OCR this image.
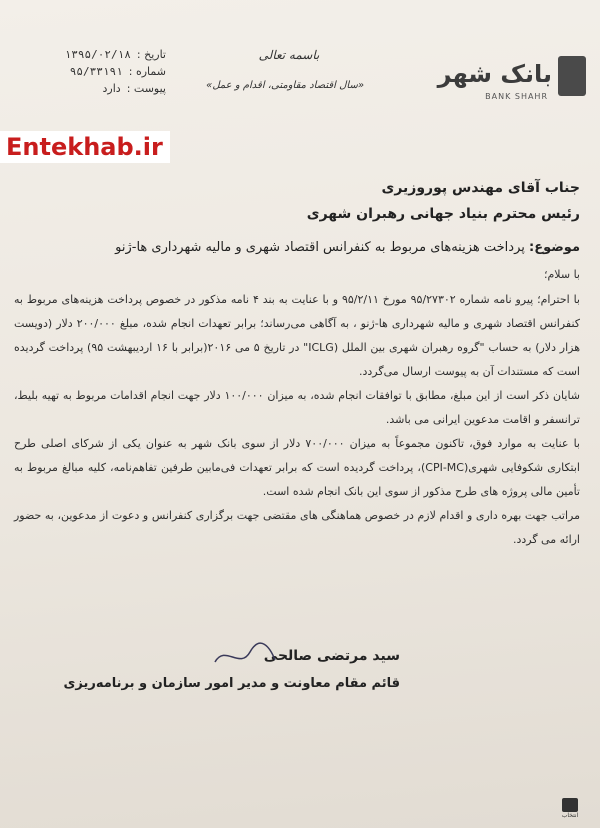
بانک شهر
BANK SHAHR
باسمه تعالی
«سال اقتصاد مقاومتی، اقدام و عمل»
تاریخ :
۱۳۹۵/۰۲/۱۸
شماره :
۹۵/۳۳۱۹۱
پیوست :
دارد
Entekhab.ir
جناب آقای مهندس پوروزیری
رئیس محترم بنیاد جهانی رهبران شهری
موضوع: پرداخت هزینه‌های مربوط به کنفرانس اقتصاد شهری و مالیه شهرداری ها-ژنو
با سلام؛

با احترام؛ پیرو نامه شماره ۹۵/۲۷۳۰۲ مورخ ۹۵/۲/۱۱ و با عنایت به بند ۴ نامه مذکور در خصوص پرداخت هزینه‌های مربوط به کنفرانس اقتصاد شهری و مالیه شهرداری ها-ژنو ، به آگاهی می‌رساند؛ برابر تعهدات انجام شده، مبلغ ۲۰۰/۰۰۰ دلار (دویست هزار دلار) به حساب "گروه رهبران شهری بین الملل (ICLG" در تاریخ ۵ می ۲۰۱۶(برابر با ۱۶ اردیبهشت ۹۵) پرداخت گردیده است که مستندات آن به پیوست ارسال می‌گردد.

شایان ذکر است از این مبلغ، مطابق با توافقات انجام شده، به میزان ۱۰۰/۰۰۰ دلار جهت انجام اقدامات مربوط به تهیه بلیط، ترانسفر و اقامت مدعوین ایرانی می باشد.

با عنایت به موارد فوق، تاکنون مجموعاً به میزان ۷۰۰/۰۰۰ دلار از سوی بانک شهر به عنوان یکی از شرکای اصلی طرح ابتکاری شکوفایی شهری(CPI-MC)، پرداخت گردیده است که برابر تعهدات فی‌مابین طرفین تفاهم‌نامه، کلیه مبالغ مربوط به تأمین مالی پروژه های طرح مذکور از سوی این بانک انجام شده است.

مراتب جهت بهره داری و اقدام لازم در خصوص هماهنگی های مقتضی جهت برگزاری کنفرانس و دعوت از مدعوین، به حضور ارائه می گردد.

سید مرتضی صالحی
قائم مقام معاونت و مدیر امور سازمان و برنامه‌ریزی
انتخاب
